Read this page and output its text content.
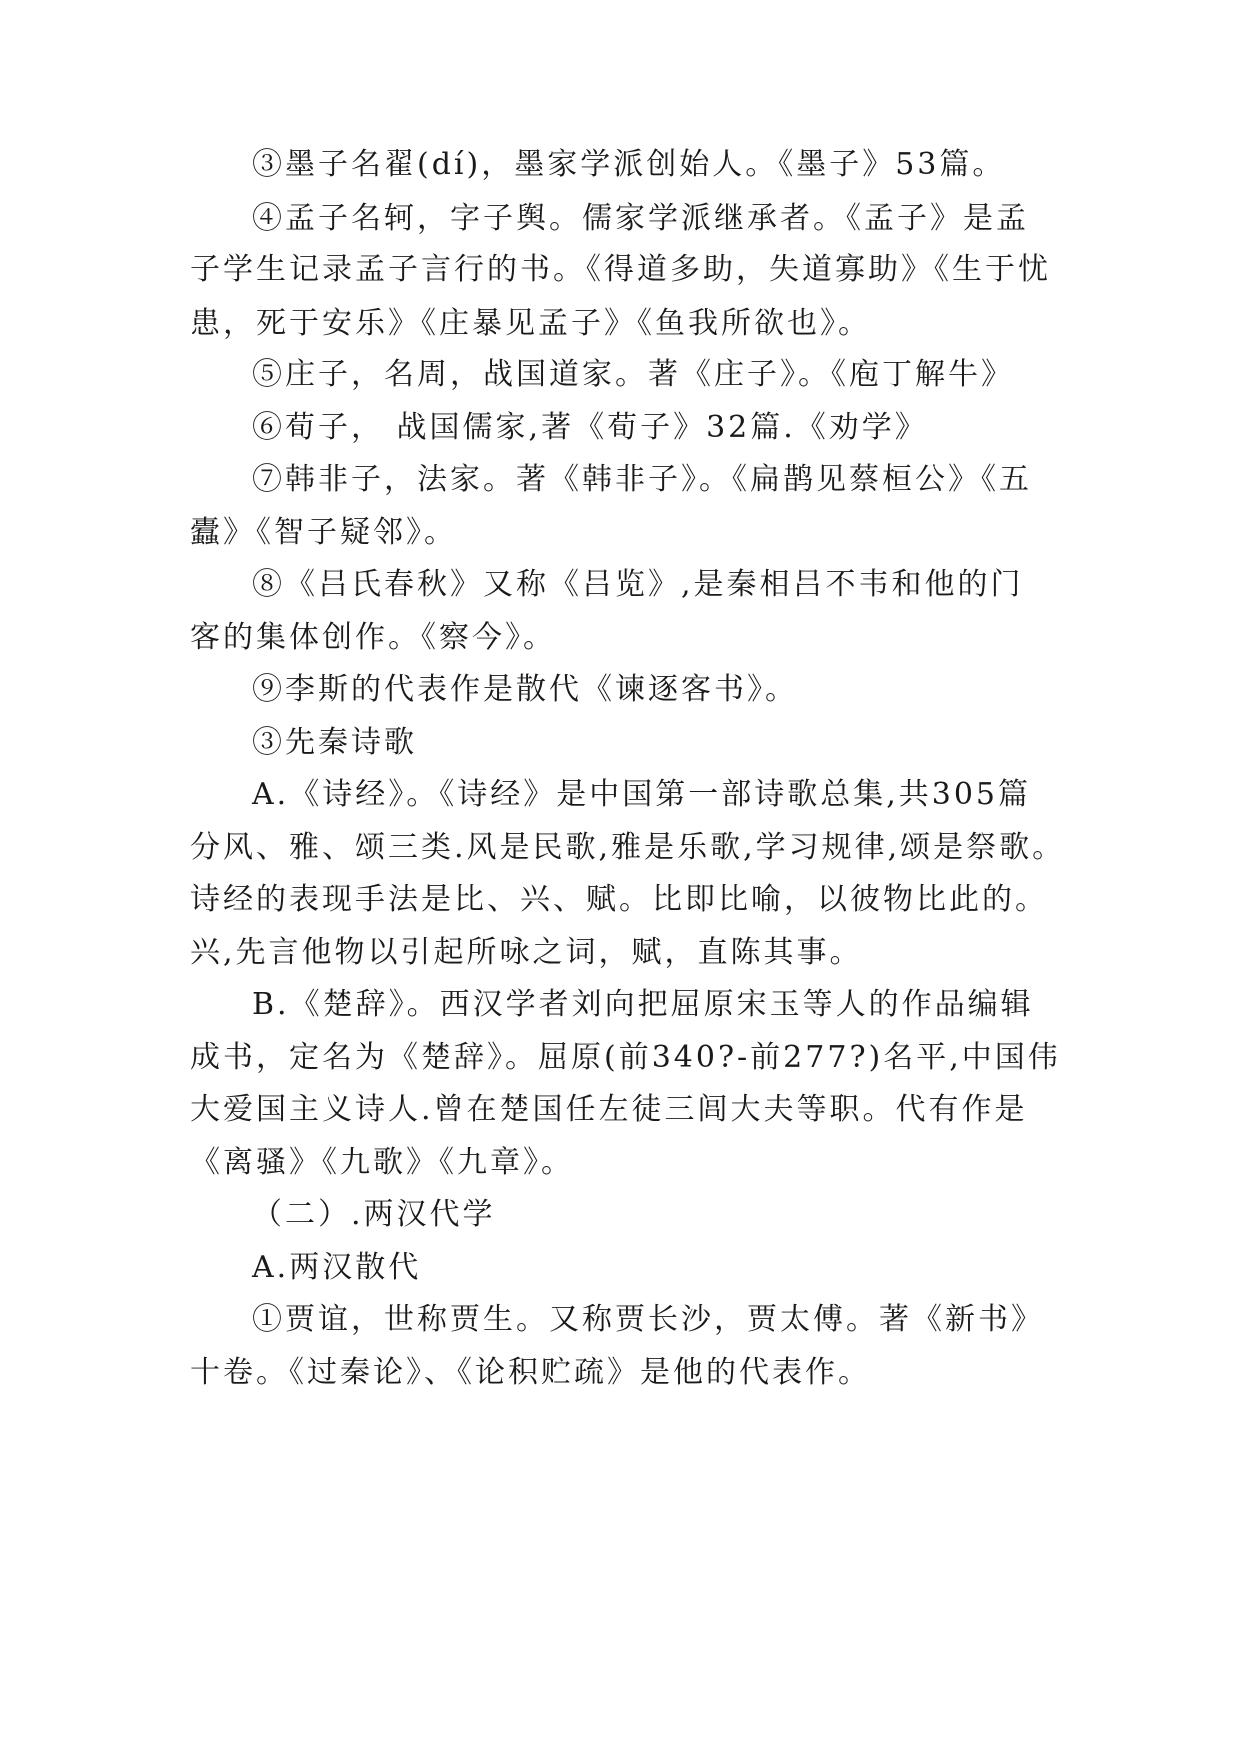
③墨子名翟(dí)，墨家学派创始人。《墨子》53篇。

④孟子名轲，字子舆。儒家学派继承者。《孟子》是孟

子学生记录孟子言行的书。《得道多助，失道寡助》《生于忧

患，死于安乐》《庄暴见孟子》《鱼我所欲也》。

⑤庄子，名周，战国道家。著《庄子》。《庖丁解牛》

⑥荀子， 战国儒家,著《荀子》32篇.《劝学》

⑦韩非子，法家。著《韩非子》。《扁鹊见蔡桓公》《五

蠹》《智子疑邻》。

⑧《吕氏春秋》又称《吕览》,是秦相吕不韦和他的门

客的集体创作。《察今》。

⑨李斯的代表作是散代《谏逐客书》。

③先秦诗歌

A.《诗经》。《诗经》是中国第一部诗歌总集,共305篇

分风、雅、颂三类.风是民歌,雅是乐歌,学习规律,颂是祭歌。

诗经的表现手法是比、兴、赋。比即比喻，以彼物比此的。

兴,先言他物以引起所咏之词，赋，直陈其事。

B.《楚辞》。西汉学者刘向把屈原宋玉等人的作品编辑

成书，定名为《楚辞》。屈原(前340?-前277?)名平,中国伟

大爱国主义诗人.曾在楚国任左徒三闾大夫等职。代有作是

《离骚》《九歌》《九章》。

（二）.两汉代学

A.两汉散代

①贾谊，世称贾生。又称贾长沙，贾太傅。著《新书》

十卷。《过秦论》、《论积贮疏》是他的代表作。
